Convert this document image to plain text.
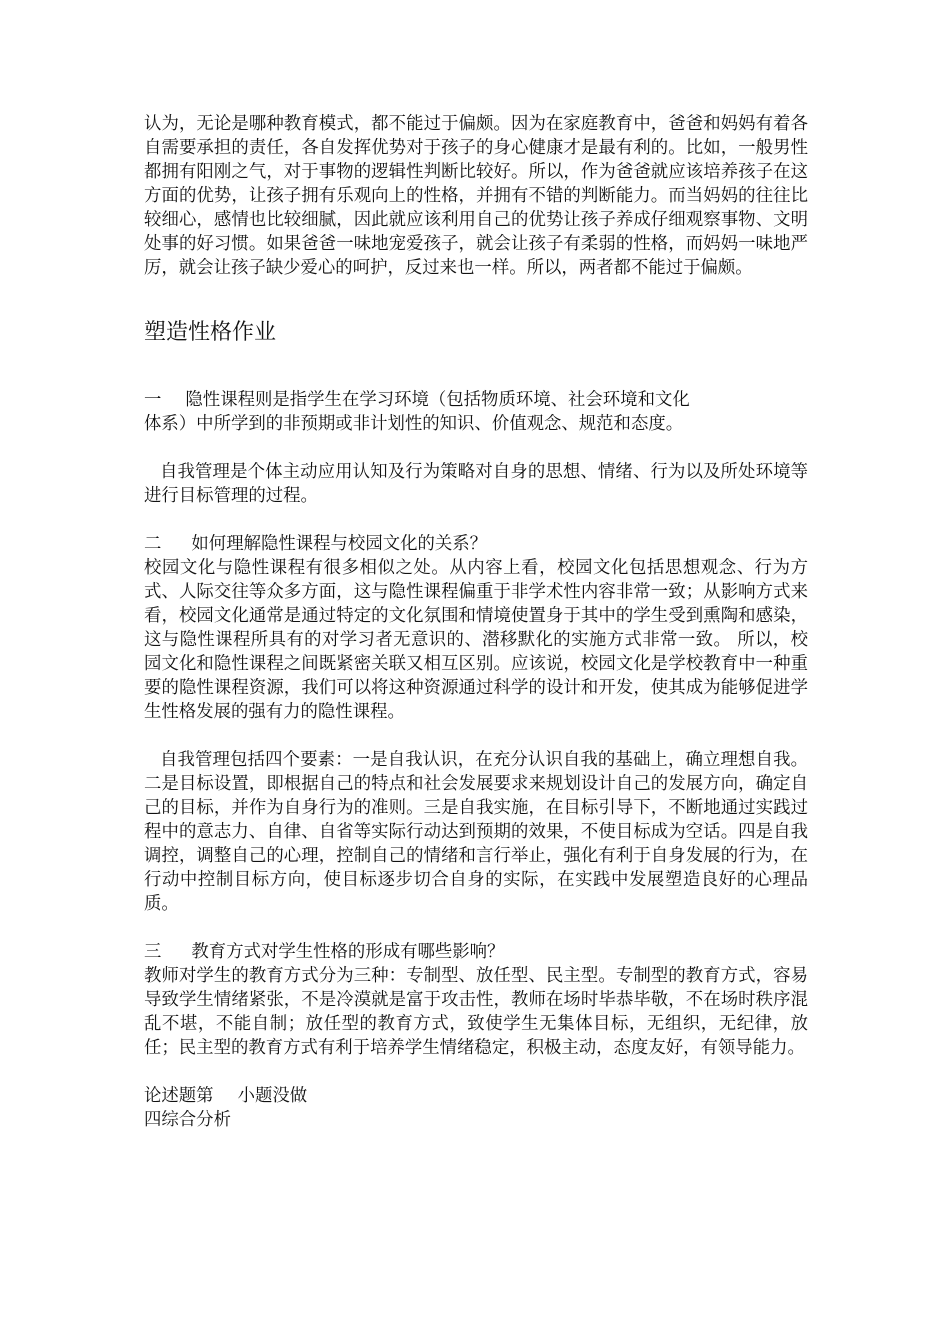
认为，无论是哪种教育模式，都不能过于偏颇。因为在家庭教育中，爸爸和妈妈有着各自需要承担的责任，各自发挥优势对于孩子的身心健康才是最有利的。比如，一般男性都拥有阳刚之气，对于事物的逻辑性判断比较好。所以，作为爸爸就应该培养孩子在这方面的优势，让孩子拥有乐观向上的性格，并拥有不错的判断能力。而当妈妈的往往比较细心，感情也比较细腻，因此就应该利用自己的优势让孩子养成仔细观察事物、文明处事的好习惯。如果爸爸一味地宠爱孩子，就会让孩子有柔弱的性格，而妈妈一味地严厉，就会让孩子缺少爱心的呵护，反过来也一样。所以，两者都不能过于偏颇。

塑造性格作业
一 隐性课程则是指学生在学习环境（包括物质环境、社会环境和文化
体系）中所学到的非预期或非计划性的知识、价值观念、规范和态度。

自我管理是个体主动应用认知及行为策略对自身的思想、情绪、行为以及所处环境等进行目标管理的过程。

二 如何理解隐性课程与校园文化的关系？

校园文化与隐性课程有很多相似之处。从内容上看，校园文化包括思想观念、行为方式、人际交往等众多方面，这与隐性课程偏重于非学术性内容非常一致；从影响方式来看，校园文化通常是通过特定的文化氛围和情境使置身于其中的学生受到熏陶和感染，这与隐性课程所具有的对学习者无意识的、潜移默化的实施方式非常一致。 所以，校园文化和隐性课程之间既紧密关联又相互区别。应该说，校园文化是学校教育中一种重要的隐性课程资源，我们可以将这种资源通过科学的设计和开发，使其成为能够促进学生性格发展的强有力的隐性课程。

自我管理包括四个要素：一是自我认识，在充分认识自我的基础上，确立理想自我。二是目标设置，即根据自己的特点和社会发展要求来规划设计自己的发展方向，确定自己的目标，并作为自身行为的准则。三是自我实施，在目标引导下，不断地通过实践过程中的意志力、自律、自省等实际行动达到预期的效果，不使目标成为空话。四是自我调控，调整自己的心理，控制自己的情绪和言行举止，强化有利于自身发展的行为，在行动中控制目标方向，使目标逐步切合自身的实际，在实践中发展塑造良好的心理品质。

三 教育方式对学生性格的形成有哪些影响？

教师对学生的教育方式分为三种：专制型、放任型、民主型。专制型的教育方式，容易导致学生情绪紧张，不是冷漠就是富于攻击性，教师在场时毕恭毕敬，不在场时秩序混乱不堪，不能自制；放任型的教育方式，致使学生无集体目标，无组织，无纪律，放任；民主型的教育方式有利于培养学生情绪稳定，积极主动，态度友好，有领导能力。

论述题第 小题没做
四综合分析
